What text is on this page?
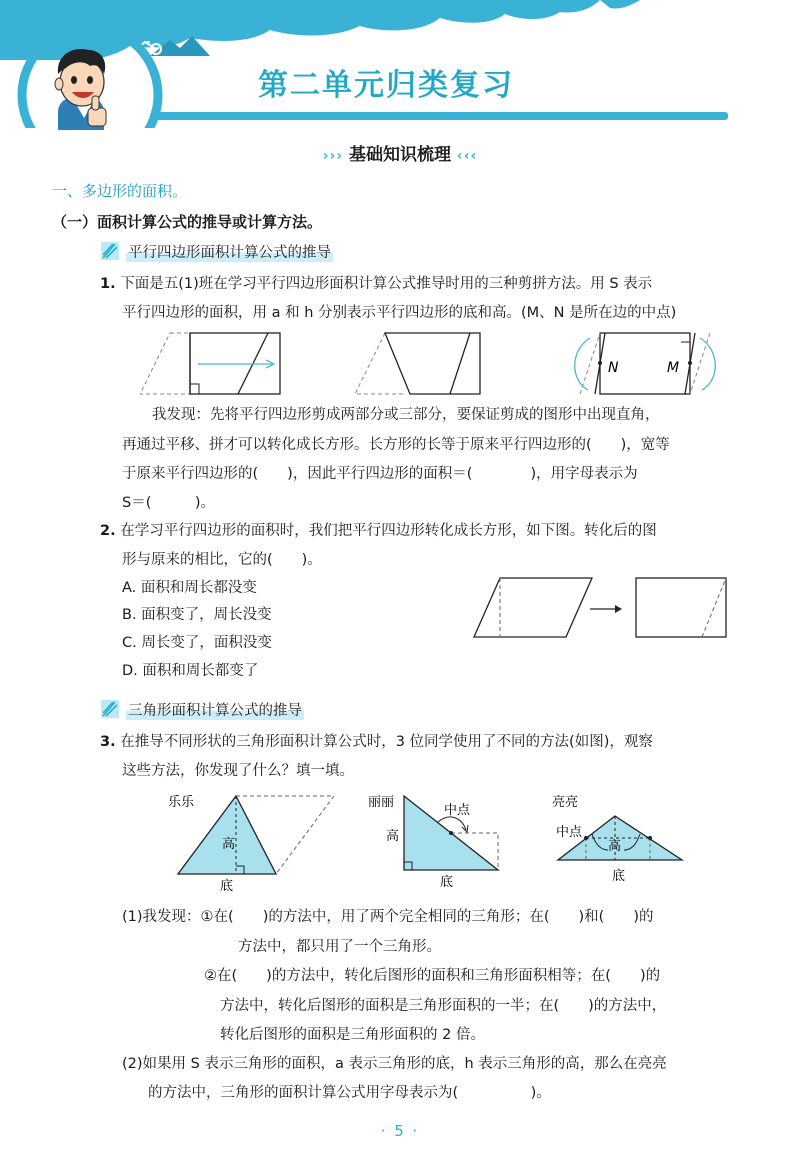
第二单元归类复习
››› 基础知识梳理 ‹‹‹
一、多边形的面积。
（一）面积计算公式的推导或计算方法。
平行四边形面积计算公式的推导
1. 下面是五(1)班在学习平行四边形面积计算公式推导时用的三种剪拼方法。用 S 表示
平行四边形的面积，用 a 和 h 分别表示平行四边形的底和高。(M、N 是所在边的中点)
N	M
我发现：先将平行四边形剪成两部分或三部分，要保证剪成的图形中出现直角，
再通过平移、拼才可以转化成长方形。长方形的长等于原来平行四边形的(　　)，宽等
于原来平行四边形的(　　)，因此平行四边形的面积＝(　　　　)，用字母表示为
S＝(　　　)。
2. 在学习平行四边形的面积时，我们把平行四边形转化成长方形，如下图。转化后的图
形与原来的相比，它的(　　)。
A. 面积和周长都没变
B. 面积变了，周长没变
C. 周长变了，面积没变
D. 面积和周长都变了
三角形面积计算公式的推导
3. 在推导不同形状的三角形面积计算公式时，3 位同学使用了不同的方法(如图)，观察
这些方法，你发现了什么？填一填。
乐乐
高
底
丽丽
中点
高
底
亮亮
中点
高
底
(1)我发现：①在(　　)的方法中，用了两个完全相同的三角形；在(　　)和(　　)的
方法中，都只用了一个三角形。
②在(　　)的方法中，转化后图形的面积和三角形面积相等；在(　　)的
方法中，转化后图形的面积是三角形面积的一半；在(　　)的方法中，
转化后图形的面积是三角形面积的 2 倍。
(2)如果用 S 表示三角形的面积，a 表示三角形的底，h 表示三角形的高，那么在亮亮
的方法中，三角形的面积计算公式用字母表示为(　　　　　)。
· 5 ·
